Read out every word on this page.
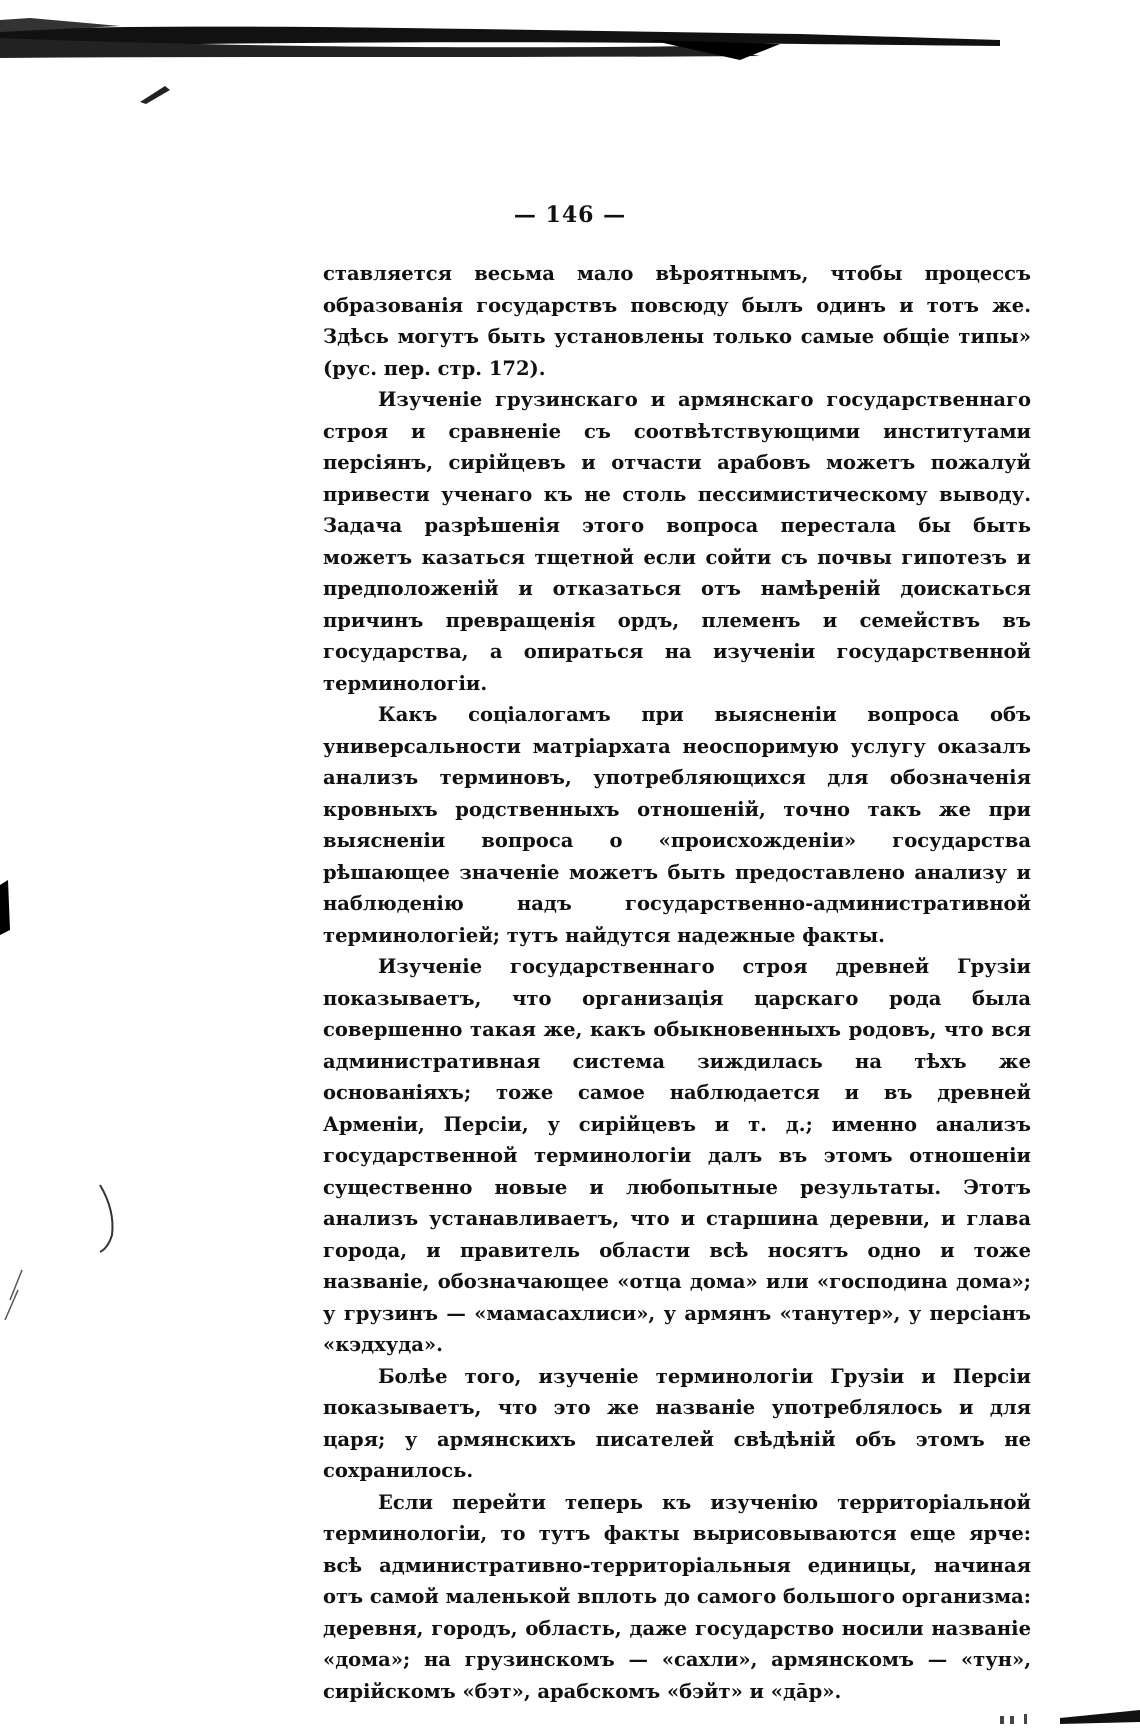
— 146 —

ставляется весьма мало вѣроятнымъ, чтобы процессъ образованія государствъ повсюду былъ одинъ и тотъ же. Здѣсь могутъ быть установлены только самые общіе типы» (рус. пер. стр. 172).

Изученіе грузинскаго и армянскаго государственнаго строя и сравненіе съ соотвѣтствующими институтами персіянъ, сирійцевъ и отчасти арабовъ можетъ пожалуй привести ученаго къ не столь пессимистическому выводу. Задача разрѣшенія этого вопроса перестала бы быть можетъ казаться тщетной если сойти съ почвы гипотезъ и предположеній и отказаться отъ намѣреній доискаться причинъ превращенія ордъ, племенъ и семействъ въ государства, а опираться на изученіи государственной терминологіи.

Какъ соціалогамъ при выясненіи вопроса объ универсальности матріархата неоспоримую услугу оказалъ анализъ терминовъ, употребляющихся для обозначенія кровныхъ родственныхъ отношеній, точно такъ же при выясненіи вопроса о «происхожденіи» государства рѣшающее значеніе можетъ быть предоставлено анализу и наблюденію надъ государственно-административной терминологіей; тутъ найдутся надежные факты.

Изученіе государственнаго строя древней Грузіи показываетъ, что организація царскаго рода была совершенно такая же, какъ обыкновенныхъ родовъ, что вся административная система зиждилась на тѣхъ же основаніяхъ; тоже самое наблюдается и въ древней Арменіи, Персіи, у сирійцевъ и т. д.; именно анализъ государственной терминологіи далъ въ этомъ отношеніи существенно новые и любопытные результаты. Этотъ анализъ устанавливаетъ, что и старшина деревни, и глава города, и правитель области всѣ носятъ одно и тоже названіе, обозначающее «отца дома» или «господина дома»; у грузинъ — «мамасахлиси», у армянъ «танутер», у персіанъ «кэдхуда».

Болѣе того, изученіе терминологіи Грузіи и Персіи показываетъ, что это же названіе употреблялось и для царя; у армянскихъ писателей свѣдѣній объ этомъ не сохранилось.

Если перейти теперь къ изученію территоріальной терминологіи, то тутъ факты вырисовываются еще ярче: всѣ административно-территоріальныя единицы, начиная отъ самой маленькой вплоть до самого большого организма: деревня, городъ, область, даже государство носили названіе «дома»; на грузинскомъ — «сахли», армянскомъ — «тун», сирійскомъ «бэт», арабскомъ «бэйт» и «дāр».
